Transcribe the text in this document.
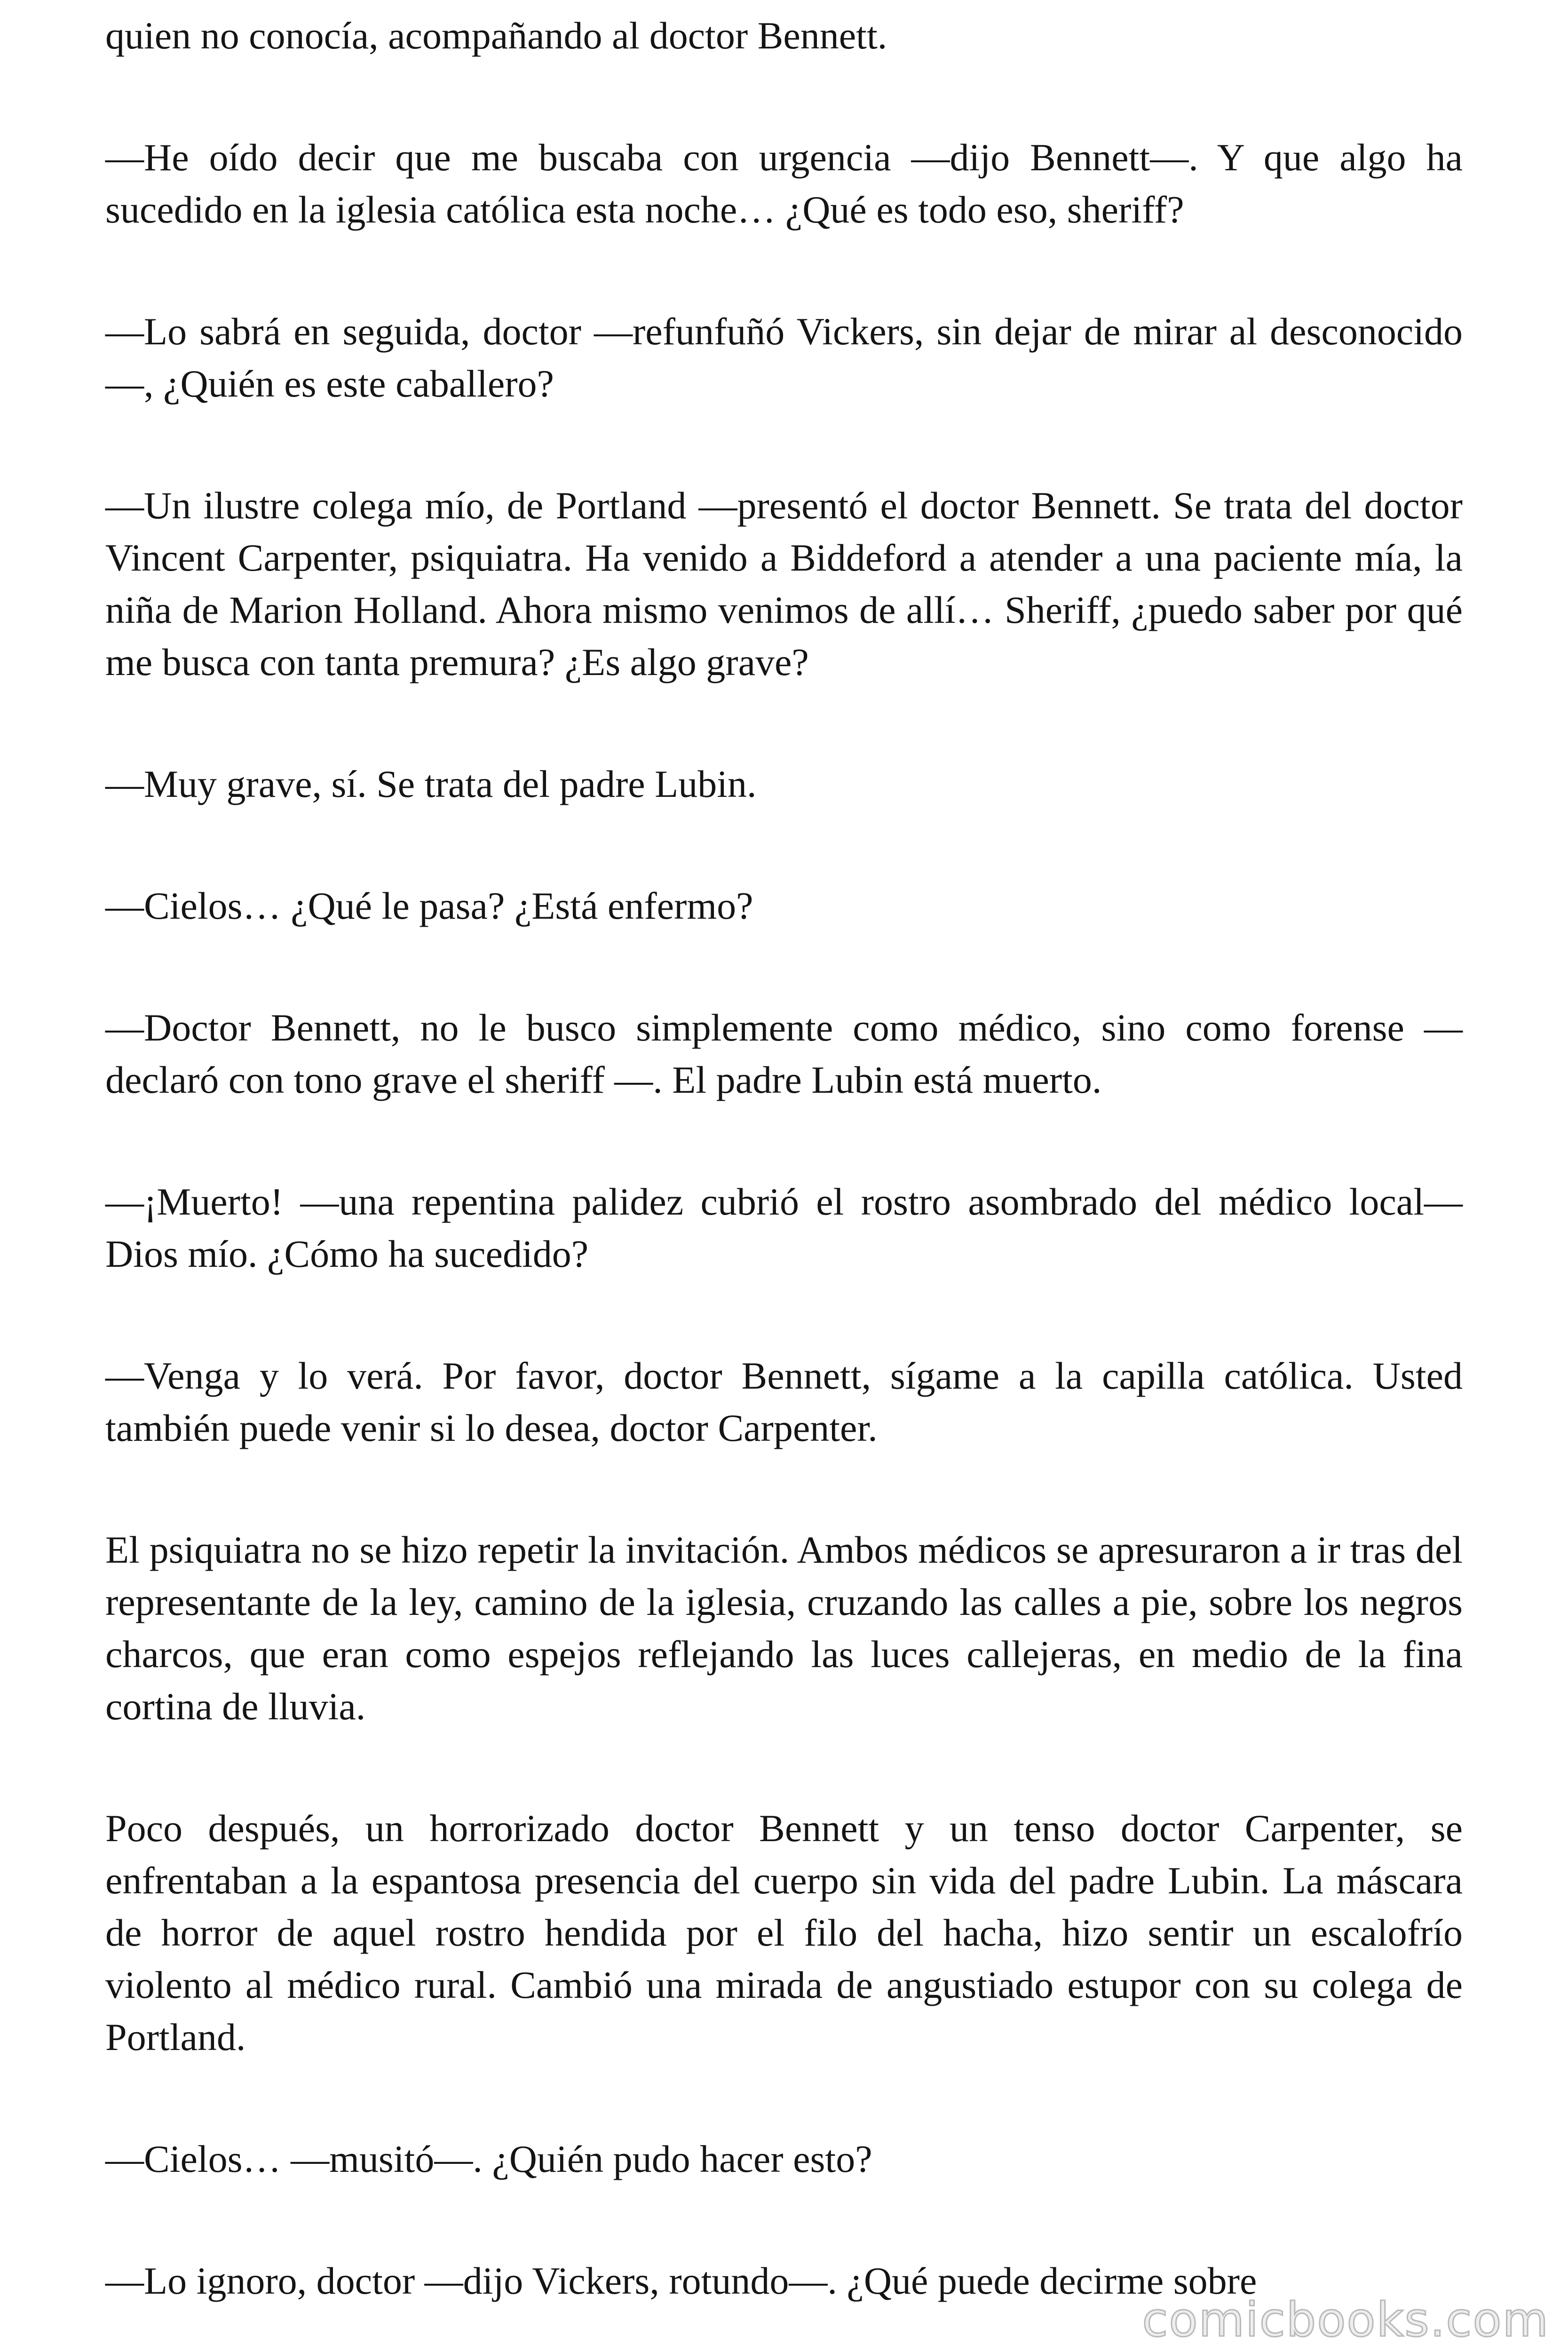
quien no conocía, acompañando al doctor Bennett.

—He oído decir que me buscaba con urgencia —dijo Bennett—. Y que algo ha sucedido en la iglesia católica esta noche… ¿Qué es todo eso, sheriff?

—Lo sabrá en seguida, doctor —refunfuñó Vickers, sin dejar de mirar al desconocido—, ¿Quién es este caballero?

—Un ilustre colega mío, de Portland —presentó el doctor Bennett. Se trata del doctor Vincent Carpenter, psiquiatra. Ha venido a Biddeford a atender a una paciente mía, la niña de Marion Holland. Ahora mismo venimos de allí… Sheriff, ¿puedo saber por qué me busca con tanta premura? ¿Es algo grave?

—Muy grave, sí. Se trata del padre Lubin.

—Cielos… ¿Qué le pasa? ¿Está enfermo?

—Doctor Bennett, no le busco simplemente como médico, sino como forense —declaró con tono grave el sheriff —. El padre Lubin está muerto.

—¡Muerto! —una repentina palidez cubrió el rostro asombrado del médico local— Dios mío. ¿Cómo ha sucedido?

—Venga y lo verá. Por favor, doctor Bennett, sígame a la capilla católica. Usted también puede venir si lo desea, doctor Carpenter.

El psiquiatra no se hizo repetir la invitación. Ambos médicos se apresuraron a ir tras del representante de la ley, camino de la iglesia, cruzando las calles a pie, sobre los negros charcos, que eran como espejos reflejando las luces callejeras, en medio de la fina cortina de lluvia.

Poco después, un horrorizado doctor Bennett y un tenso doctor Carpenter, se enfrentaban a la espantosa presencia del cuerpo sin vida del padre Lubin. La máscara de horror de aquel rostro hendida por el filo del hacha, hizo sentir un escalofrío violento al médico rural. Cambió una mirada de angustiado estupor con su colega de Portland.

—Cielos… —musitó—. ¿Quién pudo hacer esto?

—Lo ignoro, doctor —dijo Vickers, rotundo—. ¿Qué puede decirme sobre

comicbooks.com
